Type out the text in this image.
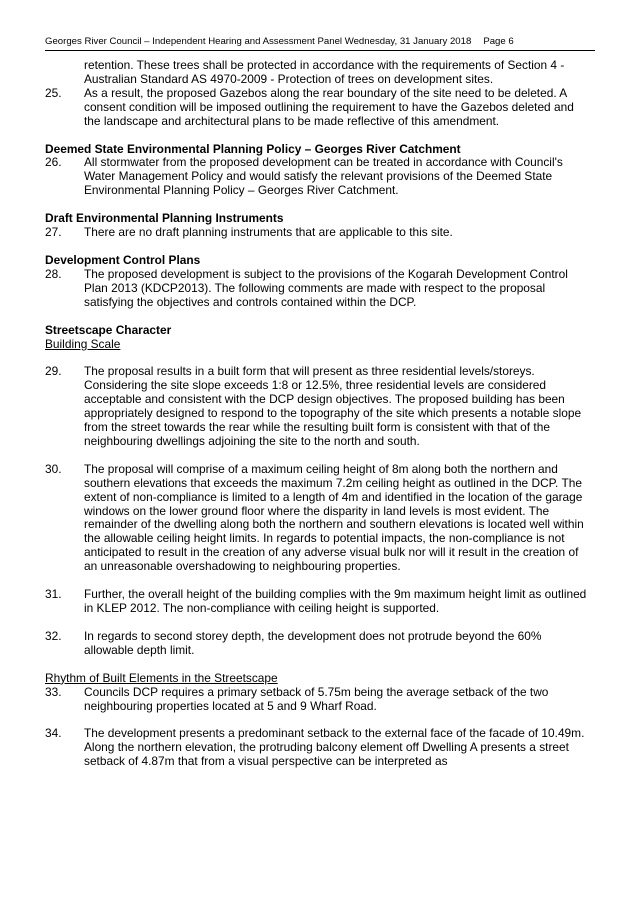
Georges River Council – Independent Hearing and Assessment Panel Wednesday, 31 January 2018 Page 6
retention. These trees shall be protected in accordance with the requirements of Section 4 - Australian Standard AS 4970-2009 - Protection of trees on development sites.
25. As a result, the proposed Gazebos along the rear boundary of the site need to be deleted. A consent condition will be imposed outlining the requirement to have the Gazebos deleted and the landscape and architectural plans to be made reflective of this amendment.
Deemed State Environmental Planning Policy – Georges River Catchment
26. All stormwater from the proposed development can be treated in accordance with Council's Water Management Policy and would satisfy the relevant provisions of the Deemed State Environmental Planning Policy – Georges River Catchment.
Draft Environmental Planning Instruments
27. There are no draft planning instruments that are applicable to this site.
Development Control Plans
28. The proposed development is subject to the provisions of the Kogarah Development Control Plan 2013 (KDCP2013). The following comments are made with respect to the proposal satisfying the objectives and controls contained within the DCP.
Streetscape Character
Building Scale
29. The proposal results in a built form that will present as three residential levels/storeys. Considering the site slope exceeds 1:8 or 12.5%, three residential levels are considered acceptable and consistent with the DCP design objectives. The proposed building has been appropriately designed to respond to the topography of the site which presents a notable slope from the street towards the rear while the resulting built form is consistent with that of the neighbouring dwellings adjoining the site to the north and south.
30. The proposal will comprise of a maximum ceiling height of 8m along both the northern and southern elevations that exceeds the maximum 7.2m ceiling height as outlined in the DCP. The extent of non-compliance is limited to a length of 4m and identified in the location of the garage windows on the lower ground floor where the disparity in land levels is most evident. The remainder of the dwelling along both the northern and southern elevations is located well within the allowable ceiling height limits. In regards to potential impacts, the non-compliance is not anticipated to result in the creation of any adverse visual bulk nor will it result in the creation of an unreasonable overshadowing to neighbouring properties.
31. Further, the overall height of the building complies with the 9m maximum height limit as outlined in KLEP 2012. The non-compliance with ceiling height is supported.
32. In regards to second storey depth, the development does not protrude beyond the 60% allowable depth limit.
Rhythm of Built Elements in the Streetscape
33. Councils DCP requires a primary setback of 5.75m being the average setback of the two neighbouring properties located at 5 and 9 Wharf Road.
34. The development presents a predominant setback to the external face of the facade of 10.49m. Along the northern elevation, the protruding balcony element off Dwelling A presents a street setback of 4.87m that from a visual perspective can be interpreted as
